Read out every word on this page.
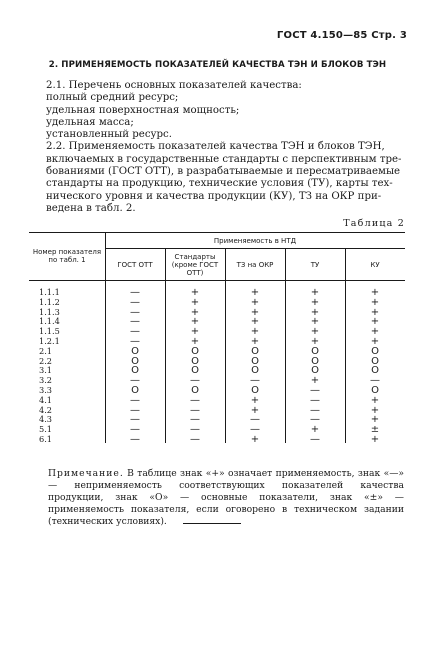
ГОСТ 4.150—85 Стр. 3
2. ПРИМЕНЯЕМОСТЬ ПОКАЗАТЕЛЕЙ КАЧЕСТВА ТЭН И БЛОКОВ ТЭН

2.1. Перечень основных показателей качества:

полный средний ресурс;

удельная поверхностная мощность;

удельная масса;

установленный ресурс.

2.2. Применяемость показателей качества ТЭН и блоков ТЭН,

включаемых в государственные стандарты с перспективным тре-

бованиями (ГОСТ ОТТ), в разрабатываемые и пересматриваемые

стандарты на продукцию, технические условия (ТУ), карты тех-

нического уровня и качества продукции (КУ), ТЗ на ОКР при-

ведена в табл. 2.

Таблица 2
Номер показателя по табл. 1
Применяемость в НТД
ГОСТ ОТТ
Стандарты (кроме ГОСТ ОТТ)
ТЗ на ОКР	ТУ	КУ
1.1.1	—	+	+	+	+
1.1.2	—	+	+	+	+
1.1.3	—	+	+	+	+
1.1.4	—	+	+	+	+
1.1.5	—	+	+	+	+
1.2.1	—	+	+	+	+
2.1	О	О	О	О	О
2.2	О	О	О	О	О
3.1	О	О	О	О	О
3.2	—	—	—	+	—
3.3	О	О	О	—	О
4.1	—	—	+	—	+
4.2	—	—	+	—	+
4.3	—	—	—	—	+
5.1	—	—	—	+	±
6.1	—	—	+	—	+
Примечание. В таблице знак «+» означает применяемость, знак «—» — неприменяемость соответствующих показателей качества продукции, знак «О» — основные показатели, знак «±» — применяемость показателя, если оговорено в техническом задании (технических условиях).
